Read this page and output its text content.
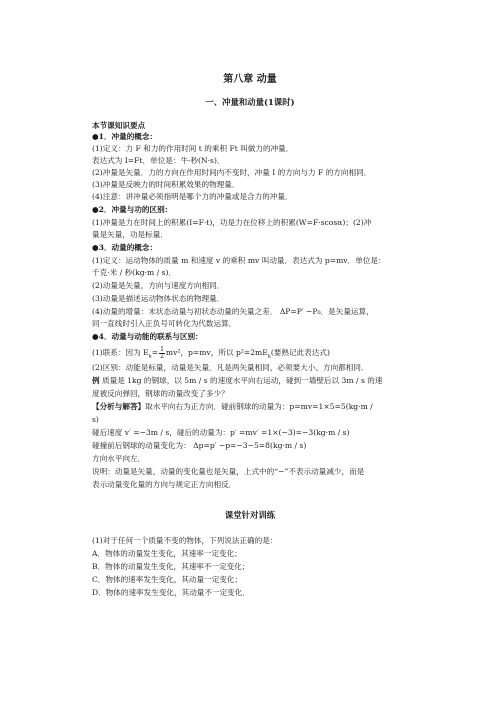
第八章 动量
一、冲量和动量(1课时)
本节课知识要点
●1．冲量的概念：
(1)定义：力 F 和力的作用时间 t 的乘积 Ft 叫做力的冲量．
表达式为 I=Ft．单位是：牛·秒(N·s)．
(2)冲量是矢量．力的方向在作用时间内不变时，冲量 I 的方向与力 F 的方向相同．
(3)冲量是反映力的时间积累效果的物理量．
(4)注意：讲冲量必须指明是哪个力的冲量或是合力的冲量．
●2．冲量与功的区别：
(1)冲量是力在时间上的积累(I=F·t)，功是力在位移上的积累(W=F·scosα)；(2)冲
量是矢量，功是标量．
●3．动量的概念：
(1)定义：运动物体的质量 m 和速度 v 的乘积 mv 叫动量．表达式为 p=mv．单位是：
千克·米 / 秒(kg·m / s)．
(2)动量是矢量，方向与速度方向相同．
(3)动量是描述运动物体状态的物理量．
(4)动量的增量：末状态动量与初状态动量的矢量之差． ΔP=P′ −P₀．是矢量运算，
同一直线时引入正负号可转化为代数运算．
●4．动量与动能的联系与区别：
(1)联系：因为 $E_k= \frac{1}{2} mv^2$，p=mv，所以 $p^2=2mE_k$(要熟记此表达式)
(2)区别：动能是标量，动量是矢量．凡是两矢量相同，必须要大小、方向都相同．
例 质量是 1kg 的钢球，以 5m / s 的速度水平向右运动，碰到一墙壁后以 3m / s 的速
度被反向弹回，钢球的动量改变了多少？
【分析与解答】取水平向右为正方向．碰前钢球的动量为：p=mv=1×5=5(kg·m /
s)
碰后速度 v′ =−3m / s，碰后的动量为：p′ =mv′ =1×(−3)=−3(kg·m / s)
碰撞前后钢球的动量变化为： Δp=p′ −p=−3−5=8(kg·m / s)
方向水平向左．
说明：动量是矢量，动量的变化量也是矢量，上式中的“−”不表示动量减少，而是
表示动量变化量的方向与规定正方向相反．
课堂针对训练
(1)对于任何一个质量不变的物体，下列说法正确的是：
A．物体的动量发生变化，其速率一定变化；
B．物体的动量发生变化，其速率不一定变化；
C．物体的速率发生变化，其动量一定变化；
D．物体的速率发生变化，其动量不一定变化．
